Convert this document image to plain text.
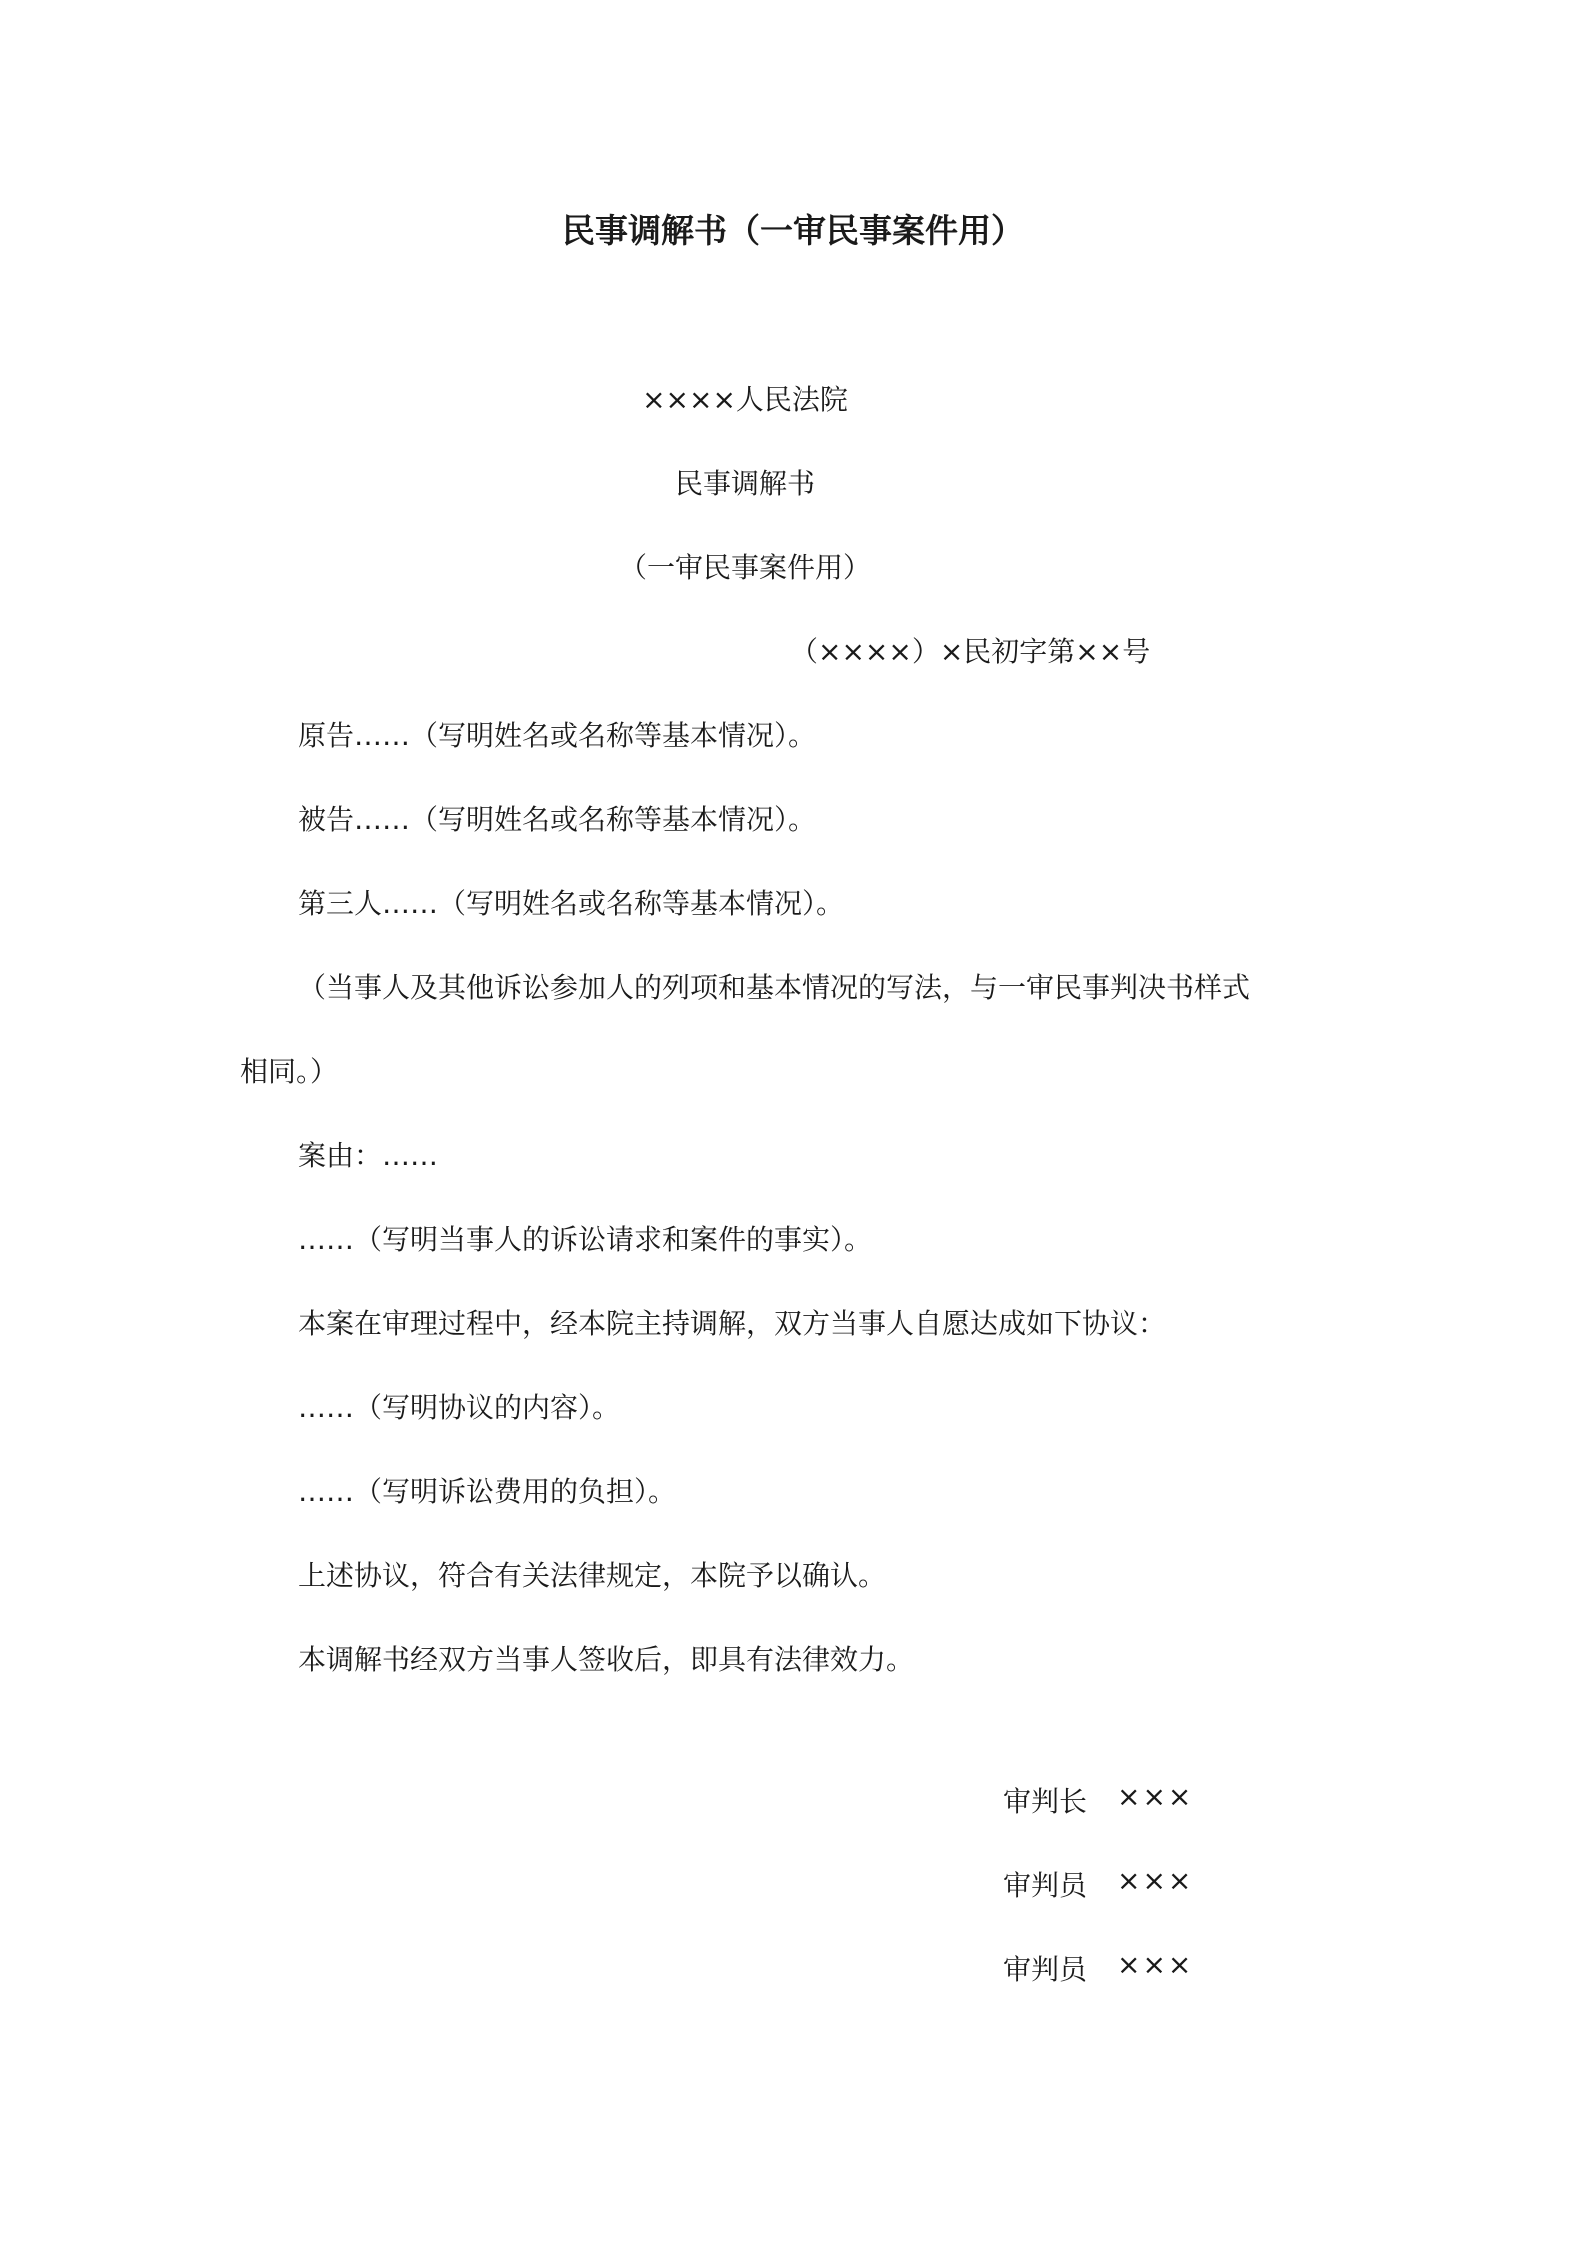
民事调解书（一审民事案件用）
××××人民法院
民事调解书
（一审民事案件用）
（××××）×民初字第××号
原告……（写明姓名或名称等基本情况）。
被告……（写明姓名或名称等基本情况）。
第三人……（写明姓名或名称等基本情况）。
（当事人及其他诉讼参加人的列项和基本情况的写法，与一审民事判决书样式
相同。）
案由：……
……（写明当事人的诉讼请求和案件的事实）。
本案在审理过程中，经本院主持调解，双方当事人自愿达成如下协议：
……（写明协议的内容）。
……（写明诉讼费用的负担）。
上述协议，符合有关法律规定，本院予以确认。
本调解书经双方当事人签收后，即具有法律效力。
审判长	×××
审判员	×××
审判员	×××
